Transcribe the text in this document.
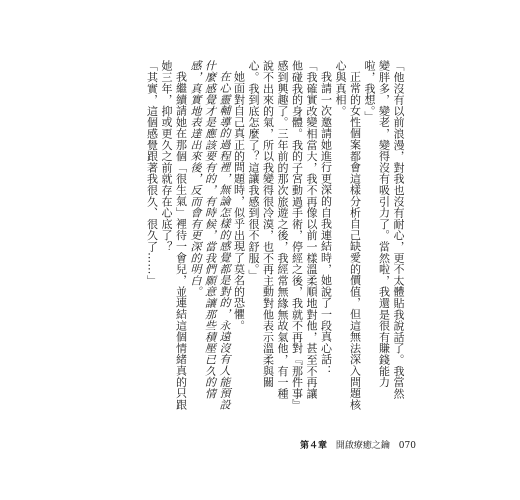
「他沒有以前浪漫，對我也沒有耐心，更不太體貼我說話了。我當然變胖多，變老，變得沒有吸引力了。當然啦，我還是很有賺錢能力啦，我想。」

正常的女性個案都會這樣分析自己缺愛的價值，但這無法深入問題核心與真相。

我請一次邀請她進行更深的自我連結時，她說了一段真心話：

「我確實改變相當大，我不再像以前一樣溫柔順地對他，甚至不再讓他碰我的身體。我的子宮動過手術，停經之後，我就不再對『那件事』感到興趣了。三年前的那次旅遊之後，我經常無緣無故氣他，有一種說不出來的氣，所以我變得很冷漠，也不再主動對他表示溫柔與關心。我到底怎麼了？這讓我感到很不舒服。」

她面對自己真正的問題時，似乎出現了莫名的恐懼。

在心靈輔導的過程裡，無論怎樣的感覺都是對的，永遠沒有人能預設什麼感覺才是應該要有的，有時候，當我們願意讓那些積壓已久的情感，真實地表達出來後，反而會有更深的明白。

我繼續請她在那個「很生氣」裡待一會兒，並連結這個情緒真的只跟她三年，抑或更久之前就存在心底了？

「其實，這個感覺跟著我很久、很久了……」

第４章 開啟療癒之鑰 070
